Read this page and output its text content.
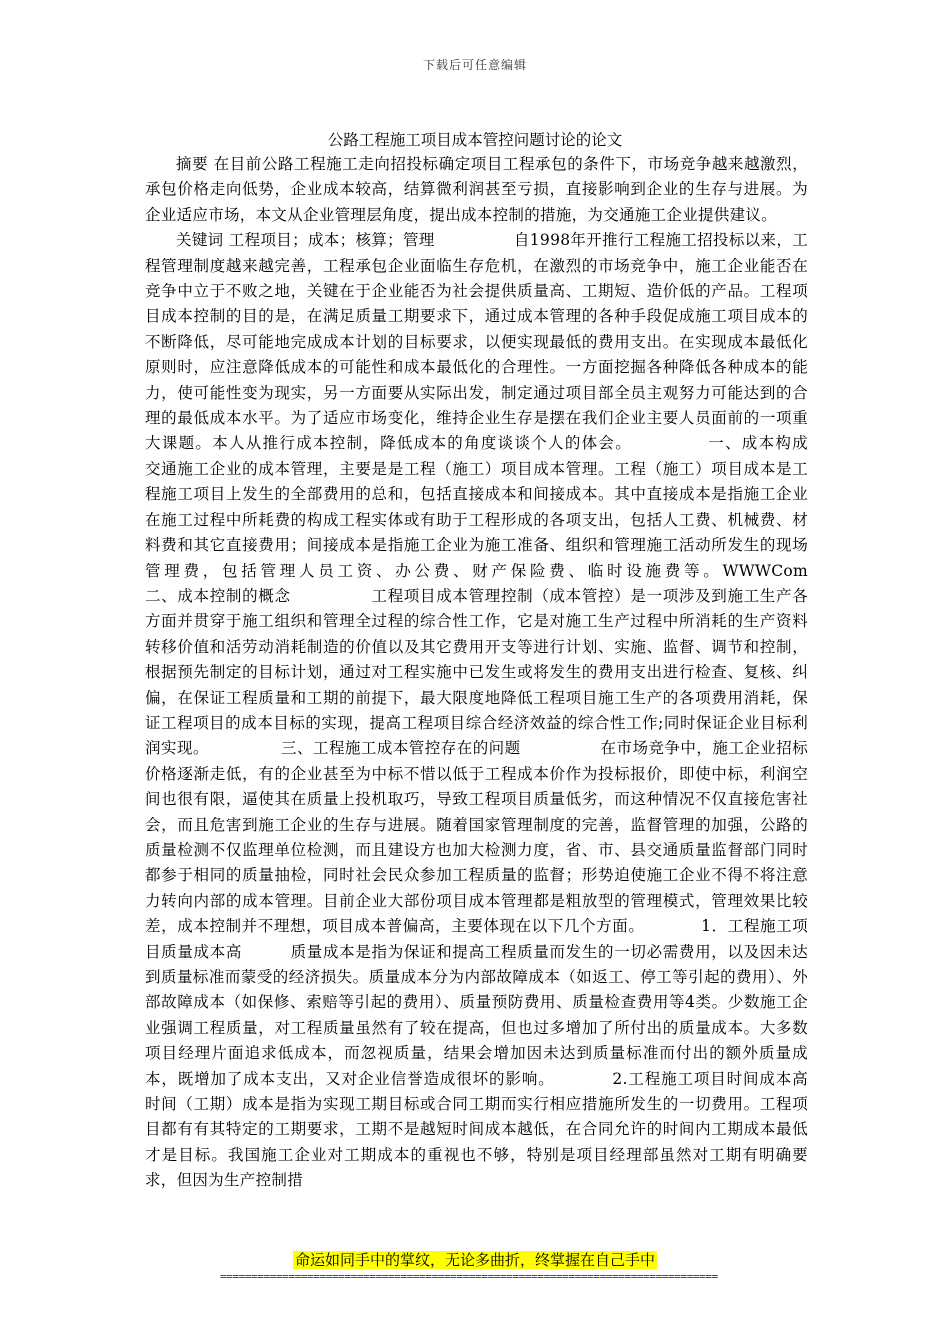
下载后可任意编辑
公路工程施工项目成本管控问题讨论的论文

摘要 在目前公路工程施工走向招投标确定项目工程承包的条件下，市场竞争越来越激烈，承包价格走向低势，企业成本较高，结算微利润甚至亏损，直接影响到企业的生存与进展。为企业适应市场，本文从企业管理层角度，提出成本控制的措施，为交通施工企业提供建议。

关键词 工程项目；成本；核算；管理　　　　　自1998年开推行工程施工招投标以来，工程管理制度越来越完善，工程承包企业面临生存危机，在激烈的市场竞争中，施工企业能否在竞争中立于不败之地，关键在于企业能否为社会提供质量高、工期短、造价低的产品。工程项目成本控制的目的是，在满足质量工期要求下，通过成本管理的各种手段促成施工项目成本的不断降低，尽可能地完成成本计划的目标要求，以便实现最低的费用支出。在实现成本最低化原则时，应注意降低成本的可能性和成本最低化的合理性。一方面挖掘各种降低各种成本的能力，使可能性变为现实，另一方面要从实际出发，制定通过项目部全员主观努力可能达到的合理的最低成本水平。为了适应市场变化，维持企业生存是摆在我们企业主要人员面前的一项重大课题。本人从推行成本控制，降低成本的角度谈谈个人的体会。　　　　　一、成本构成　　　　　交通施工企业的成本管理，主要是是工程（施工）项目成本管理。工程（施工）项目成本是工程施工项目上发生的全部费用的总和，包括直接成本和间接成本。其中直接成本是指施工企业在施工过程中所耗费的构成工程实体或有助于工程形成的各项支出，包括人工费、机械费、材料费和其它直接费用；间接成本是指施工企业为施工准备、组织和管理施工活动所发生的现场管理费，包括管理人员工资、办公费、财产保险费、临时设施费等。WWWCom　　　　　二、成本控制的概念　　　　　工程项目成本管理控制（成本管控）是一项涉及到施工生产各方面并贯穿于施工组织和管理全过程的综合性工作，它是对施工生产过程中所消耗的生产资料转移价值和活劳动消耗制造的价值以及其它费用开支等进行计划、实施、监督、调节和控制，根据预先制定的目标计划，通过对工程实施中已发生或将发生的费用支出进行检查、复核、纠偏，在保证工程质量和工期的前提下，最大限度地降低工程项目施工生产的各项费用消耗，保证工程项目的成本目标的实现，提高工程项目综合经济效益的综合性工作;同时保证企业目标利润实现。　　　　　三、工程施工成本管控存在的问题　　　　　在市场竞争中，施工企业招标价格逐渐走低，有的企业甚至为中标不惜以低于工程成本价作为投标报价，即使中标，利润空间也很有限，逼使其在质量上投机取巧，导致工程项目质量低劣，而这种情况不仅直接危害社会，而且危害到施工企业的生存与进展。随着国家管理制度的完善，监督管理的加强，公路的质量检测不仅监理单位检测，而且建设方也加大检测力度，省、市、县交通质量监督部门同时都参于相同的质量抽检，同时社会民众参加工程质量的监督；形势迫使施工企业不得不将注意力转向内部的成本管理。目前企业大部份项目成本管理都是粗放型的管理模式，管理效果比较差，成本控制并不理想，项目成本普偏高，主要体现在以下几个方面。　　　　1．工程施工项目质量成本高　　　质量成本是指为保证和提高工程质量而发生的一切必需费用，以及因未达到质量标准而蒙受的经济损失。质量成本分为内部故障成本（如返工、停工等引起的费用）、外部故障成本（如保修、索赔等引起的费用）、质量预防费用、质量检查费用等4类。少数施工企业强调工程质量，对工程质量虽然有了较在提高，但也过多增加了所付出的质量成本。大多数项目经理片面追求低成本，而忽视质量，结果会增加因未达到质量标准而付出的额外质量成本，既增加了成本支出，又对企业信誉造成很坏的影响。　　　　2.工程施工项目时间成本高　　　时间（工期）成本是指为实现工期目标或合同工期而实行相应措施所发生的一切费用。工程项目都有有其特定的工期要求，工期不是越短时间成本越低，在合同允许的时间内工期成本最低才是目标。我国施工企业对工期成本的重视也不够，特别是项目经理部虽然对工期有明确要求，但因为生产控制措

命运如同手中的掌纹，无论多曲折，终掌握在自己手中
================================================================================
